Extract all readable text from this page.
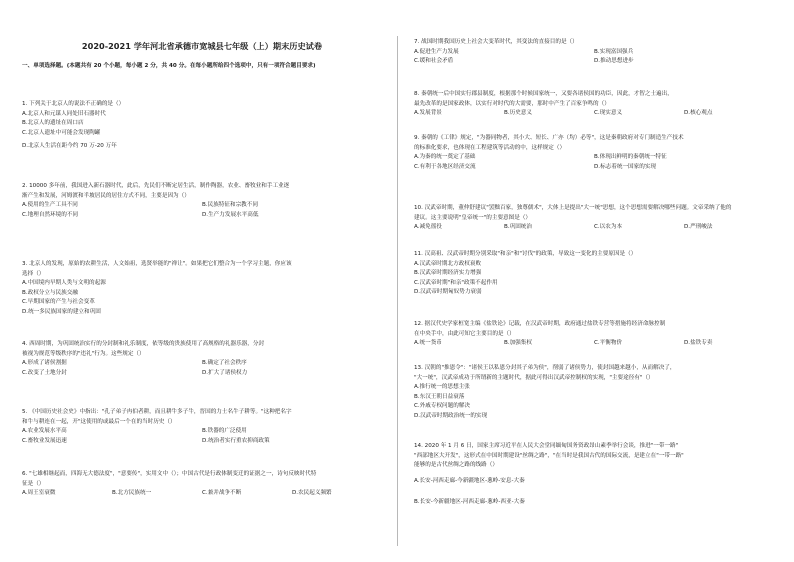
2020-2021 学年河北省承德市宽城县七年级（上）期末历史试卷

一、单项选择题。(本题共有 20 个小题，每小题 2 分，共 40 分。在每小题所给四个选项中，只有一项符合题目要求)

1. 下列关于北京人的说法不正确的是（）

A.北京人和元谋人同处旧石器时代

B.北京人的遗址在周口店

C.北京人遗址中可能会发现陶罐

D.北京人生活在距今约 70 万-20 万年

2. 10000 多年前，我国进入新石器时代，此后，先民们不断定居生活，制作陶器，农业、畜牧业和手工业逐

渐产生和发展，河姆渡和半坡居民的居住方式不同，主要是因为（）

A.使用的生产工具不同	B.民族特征和宗教不同
C.地理自然环境的不同	D.生产力发展水平高低

3. 北京人的发现，原始的农耕生活，人文始祖，选贤举能的"禅让"。如果把它们整合为一个学习主题，你应该

选择（）

A.中国境内早期人类与文明的起源

B.政权分立与民族交融

C.早期国家的产生与社会变革

D.统一多民族国家的建立和巩固

4. 西周时期，为巩固统治实行的分封制和礼乐制度，依等级的贵族使用了高规格的礼器乐器，分封

被视为规范等级秩序的"违礼"行为。这些规定（）

A.形成了诸侯割据	B.确定了社会秩序
C.改变了土地分封	D.扩大了诸侯权力

5. 《中国历史社会史》中指出："孔子弟子冉伯者耕，而且耕牛多子牛，晋国的力士名牛子耕等。"这种把名字

和牛与耕连在一起，开"这使用的或最后一个在的当时历史（）

A.农业发展水平高	B.铁器的广泛使用
C.畜牧业发展迅速	D.统治者实行重农抑商政策

6. "七雄相继起而，四海无大德法度"，"意要传"，实用文中（）；中国古代是行政体制变迁的证据之一，诗句反映时代特

征是（）

A.周王室衰微	B.北方民族统一	C.兼并战争不断	D.农民起义频繁

7. 战国时期我国历史上社会大变革时代，其变法的直接目的是（）

A.促进生产力发展	B.实现富国强兵
C.缓和社会矛盾	D.推动思想进步

8. 秦朝统一后中国实行郡县制度，根据那个时候国家统一，又要各诸侯国的功臣，因此，才智之士遍出，

最先改革的是国家政体，以实行对时代的大需要，那时中产生了百家争鸣的（）

A.发展背景	B.历史意义	C.现实意义	D.核心观点

9. 秦朝的《工律》规定，"为器同物者，其小大、短长、广亦（均）必等"，这是秦朝政府对专门制造生产技术

的标准化要求，也体现在工程建筑等活动的中，这样规定（）

A.为秦的统一奠定了基础	B.体现出鲜明的秦朝统一特征
C.有利于各地区经济交流	D.标志着统一国家的实现

10. 汉武帝时期，董仲舒建议"罢黜百家，独尊儒术"，大体上是提出"大一统"思想，这个思想需要解决哪些问题。文帝采纳了他的

建议。这主要说明"皇帝统一"的主要意图是（）

A.减免徭役	B.巩固统治	C.以农为本	D.严刑峻法

11. 汉高祖、汉武帝时期分别采取"和亲"和"讨伐"的政策，导致这一变化的主要原因是（）

A.汉武帝时期北方政权衰败

B.汉武帝时期经济实力增强

C.汉武帝时期"和亲"政策不起作用

D.汉武帝时期匈奴势力衰弱

12. 据汉代史学家桓宽主编《盐铁论》记载，在汉武帝时期，政府通过盐铁专营等措施将经济命脉控制

在中央手中，由此可知它主要目的是（）

A.统一货币	B.加强集权	C.平衡物价	D.盐铁专卖

13. 汉朝的"推恩令"："诸侯王以私恩分封其子弟为侯"，削弱了诸侯势力，使封国越来越小，从而解决了，

"大一统"，汉武帝成功于所谓新的主题时代，据此可得出汉武帝控制权的实现，"主要途径有"（）

A.推行统一的思想主张

B.东汉王朝日益衰落

C.外戚专权问题的解决

D.汉武帝时期政治统一的实现

14. 2020 年 1 月 6 日，国家主席习近平在人民大会堂同缅甸国务资政昂山素季举行会谈，推进"一带一路"

"西部地区大开发"，这形式在中国时期建设"丝绸之路"，"在当时是我国古代的国际交流，是建立在"一带一路"

能够的是古代丝绸之路的线路（）

A.长安-河西走廊-今新疆地区-葱岭-安息-大秦

B.长安-今新疆地区-河西走廊-葱岭-西亚-大秦
